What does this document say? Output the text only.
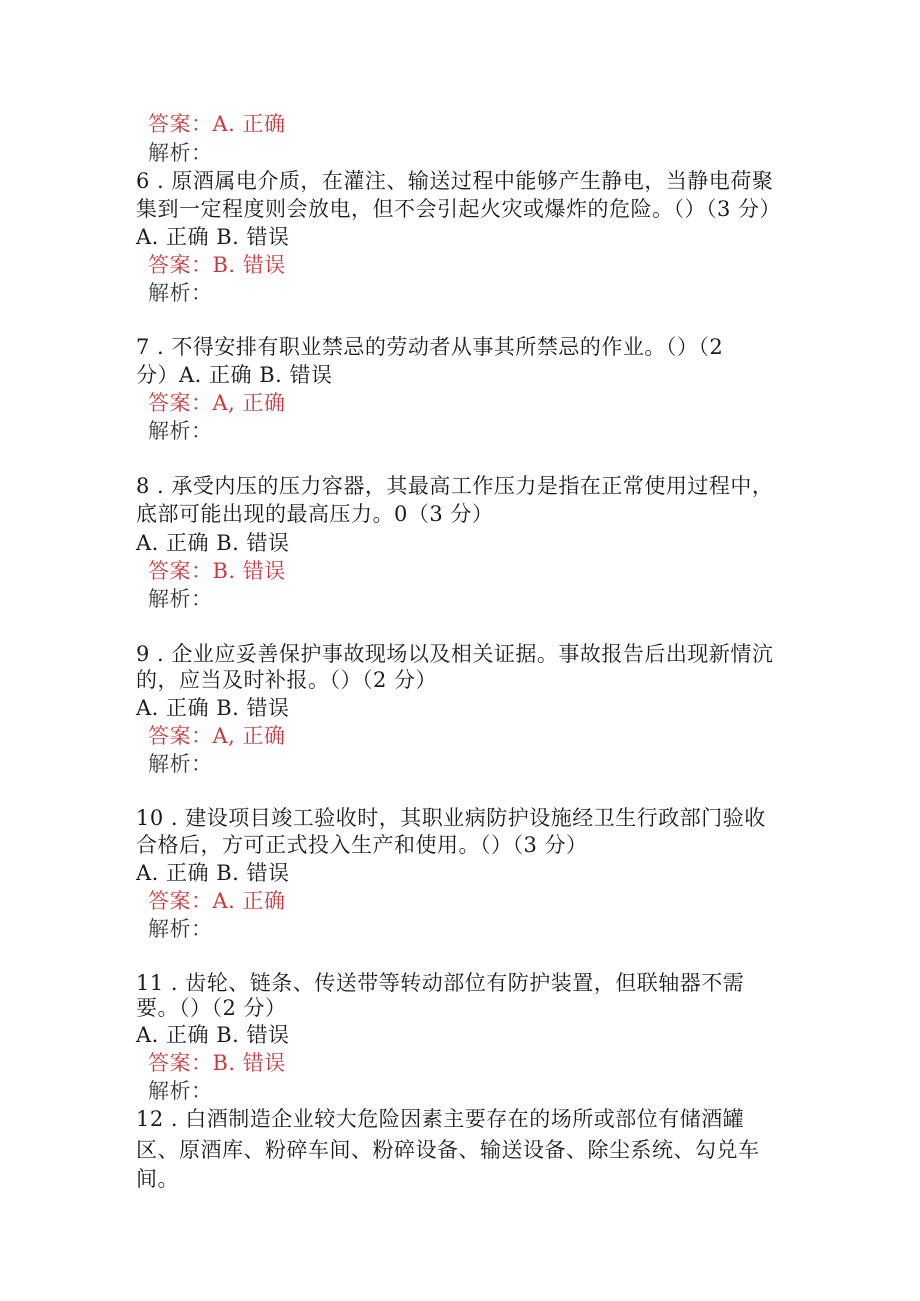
答案：A. 正确
解析：
6 . 原酒属电介质，在灌注、输送过程中能够产生静电，当静电荷聚
集到一定程度则会放电，但不会引起火灾或爆炸的危险。（）（3 分）
A. 正确 B. 错误
答案：B. 错误
解析：
7 . 不得安排有职业禁忌的劳动者从事其所禁忌的作业。（）（2
分）A. 正确 B. 错误
答案：A, 正确
解析：
8 . 承受内压的压力容器，其最高工作压力是指在正常使用过程中，
底部可能出现的最高压力。0（3 分）
A. 正确 B. 错误
答案：B. 错误
解析：
9 . 企业应妥善保护事故现场以及相关证据。事故报告后出现新情沆
的，应当及时补报。（）（2 分）
A. 正确 B. 错误
答案：A, 正确
解析：
10 . 建设项目竣工验收时，其职业病防护设施经卫生行政部门验收
合格后，方可正式投入生产和使用。（）（3 分）
A. 正确 B. 错误
答案：A. 正确
解析：
11 . 齿轮、链条、传送带等转动部位有防护装置，但联轴器不需
要。（）（2 分）
A. 正确 B. 错误
答案：B. 错误
解析：
12 . 白酒制造企业较大危险因素主要存在的场所或部位有储酒罐
区、原酒库、粉碎车间、粉碎设备、输送设备、除尘系统、勾兑车
间。
